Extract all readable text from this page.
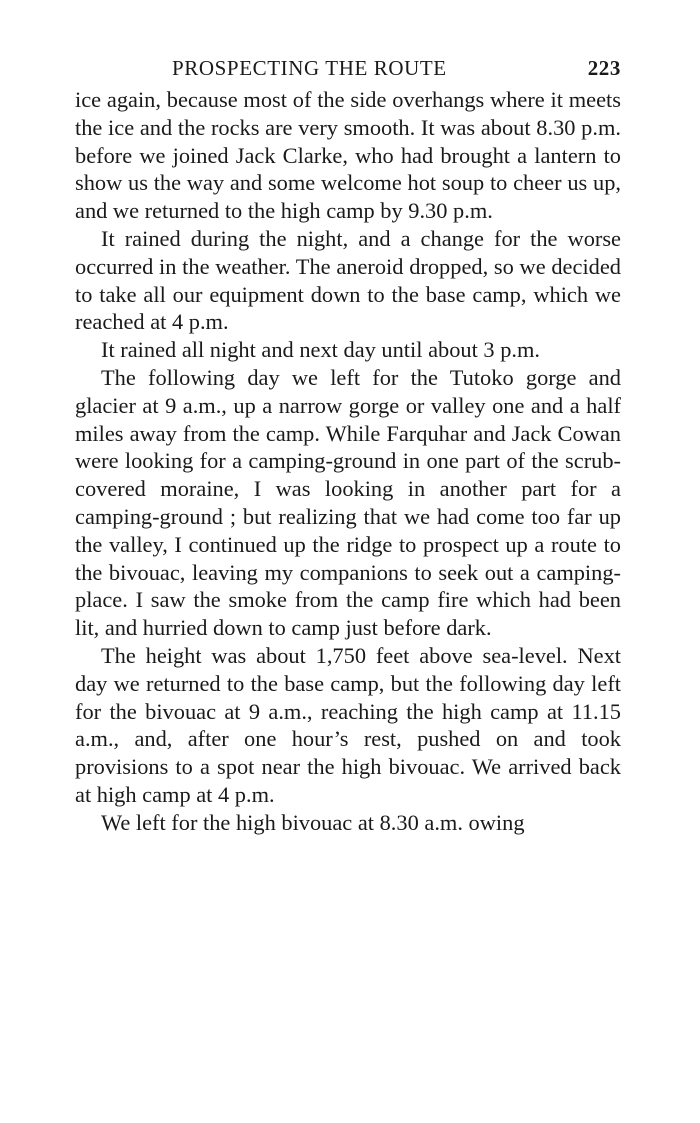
PROSPECTING THE ROUTE	223

ice again, because most of the side overhangs where it meets the ice and the rocks are very smooth. It was about 8.30 p.m. before we joined Jack Clarke, who had brought a lantern to show us the way and some welcome hot soup to cheer us up, and we returned to the high camp by 9.30 p.m.

It rained during the night, and a change for the worse occurred in the weather. The aneroid dropped, so we decided to take all our equipment down to the base camp, which we reached at 4 p.m.

It rained all night and next day until about 3 p.m.

The following day we left for the Tutoko gorge and glacier at 9 a.m., up a narrow gorge or valley one and a half miles away from the camp. While Farquhar and Jack Cowan were looking for a camping-ground in one part of the scrub-covered moraine, I was looking in another part for a camping-ground ; but realizing that we had come too far up the valley, I continued up the ridge to prospect up a route to the bivouac, leaving my companions to seek out a camping-place. I saw the smoke from the camp fire which had been lit, and hurried down to camp just before dark.

The height was about 1,750 feet above sea-level. Next day we returned to the base camp, but the following day left for the bivouac at 9 a.m., reaching the high camp at 11.15 a.m., and, after one hour’s rest, pushed on and took provisions to a spot near the high bivouac. We arrived back at high camp at 4 p.m.

We left for the high bivouac at 8.30 a.m. owing
